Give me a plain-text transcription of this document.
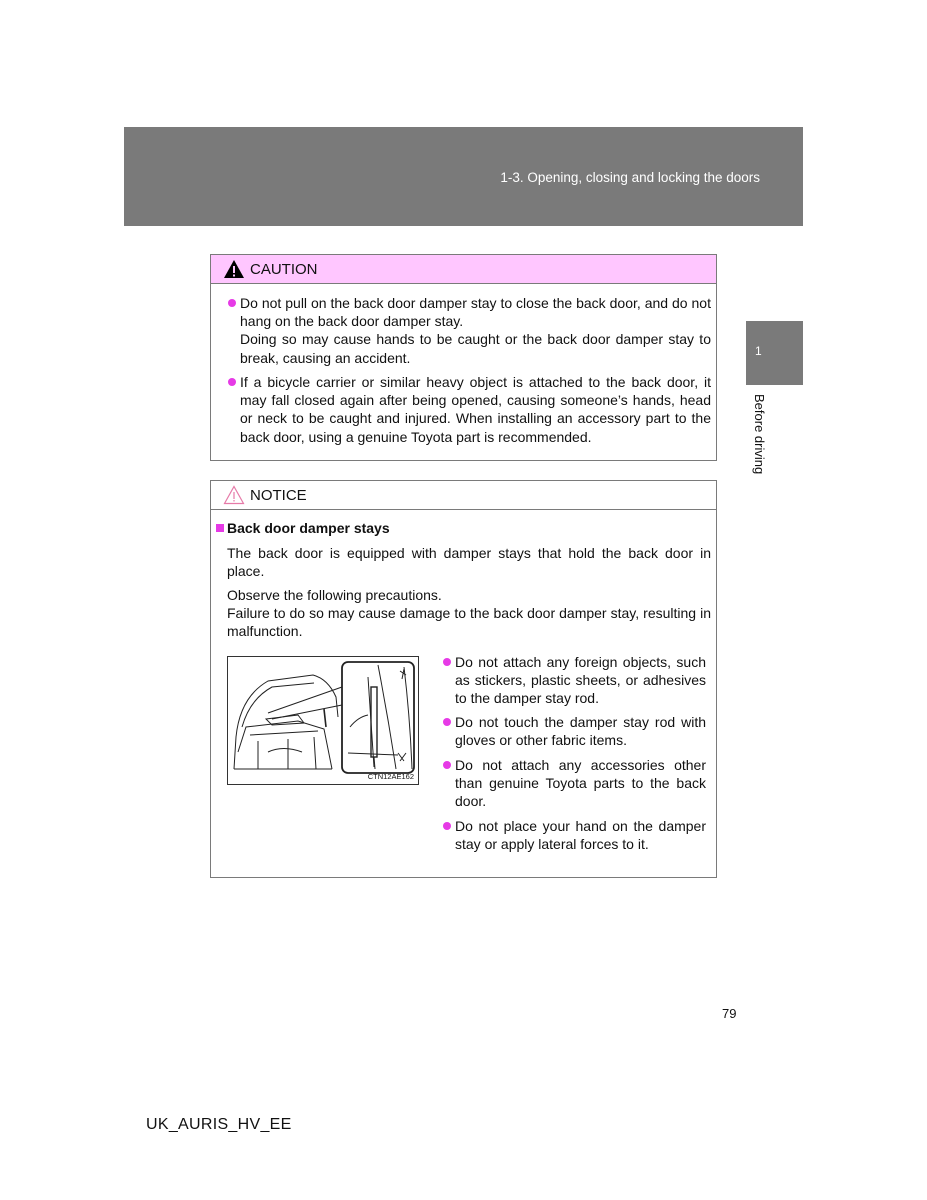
1-3. Opening, closing and locking the doors
1
Before driving
CAUTION

Do not pull on the back door damper stay to close the back door, and do not hang on the back door damper stay.

Doing so may cause hands to be caught or the back door damper stay to break, causing an accident.

If a bicycle carrier or similar heavy object is attached to the back door, it may fall closed again after being opened, causing someone’s hands, head or neck to be caught and injured. When installing an accessory part to the back door, using a genuine Toyota part is recommended.

NOTICE
Back door damper stays

The back door is equipped with damper stays that hold the back door in place.

Observe the following precautions.

Failure to do so may cause damage to the back door damper stay, resulting in malfunction.

CTN12AE162

Do not attach any foreign objects, such as stickers, plastic sheets, or adhesives to the damper stay rod.

Do not touch the damper stay rod with gloves or other fabric items.

Do not attach any accessories other than genuine Toyota parts to the back door.

Do not place your hand on the damper stay or apply lateral forces to it.

79
UK_AURIS_HV_EE
